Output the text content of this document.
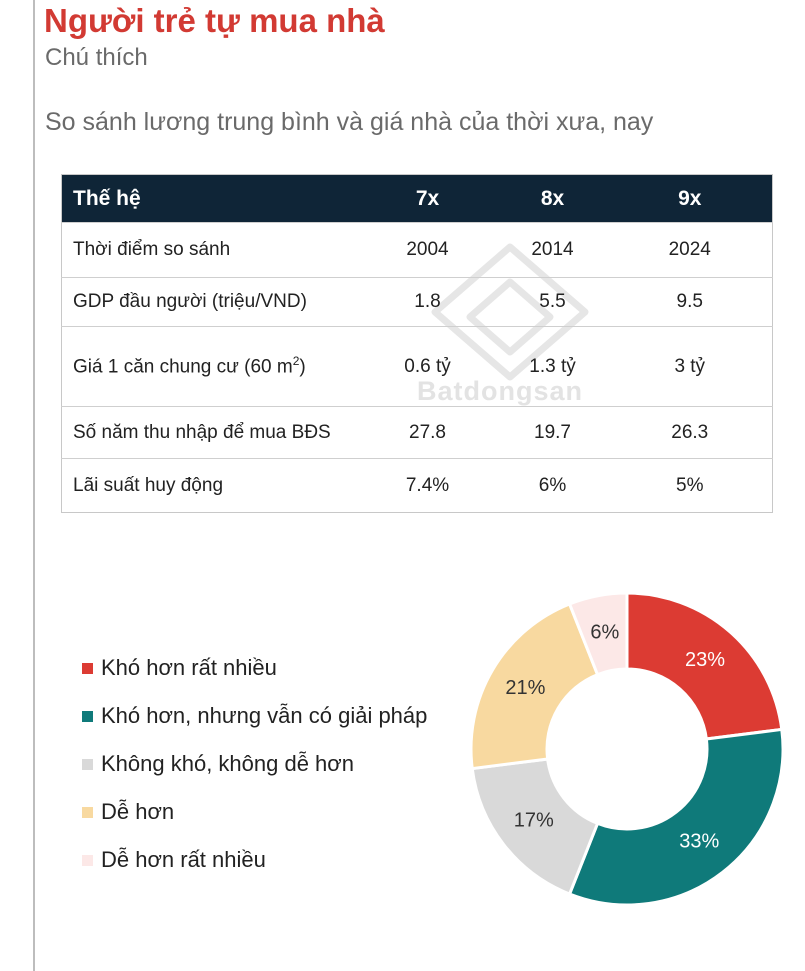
Người trẻ tự mua nhà
Chú thích
So sánh lương trung bình và giá nhà của thời xưa, nay
Batdongsan
Thế hệ	7x	8x	9x
Thời điểm so sánh	2004	2014	2024
GDP đầu người (triệu/VND)	1.8	5.5	9.5
Giá 1 căn chung cư (60 $m^2$)	0.6 tỷ	1.3 tỷ	3 tỷ
Số năm thu nhập để mua BĐS	27.8	19.7	26.3
Lãi suất huy động	7.4%	6%	5%
Khó hơn rất nhiều
Khó hơn, nhưng vẫn có giải pháp
Không khó, không dễ hơn
Dễ hơn
Dễ hơn rất nhiều
23%
33%
17%
21%
6%
